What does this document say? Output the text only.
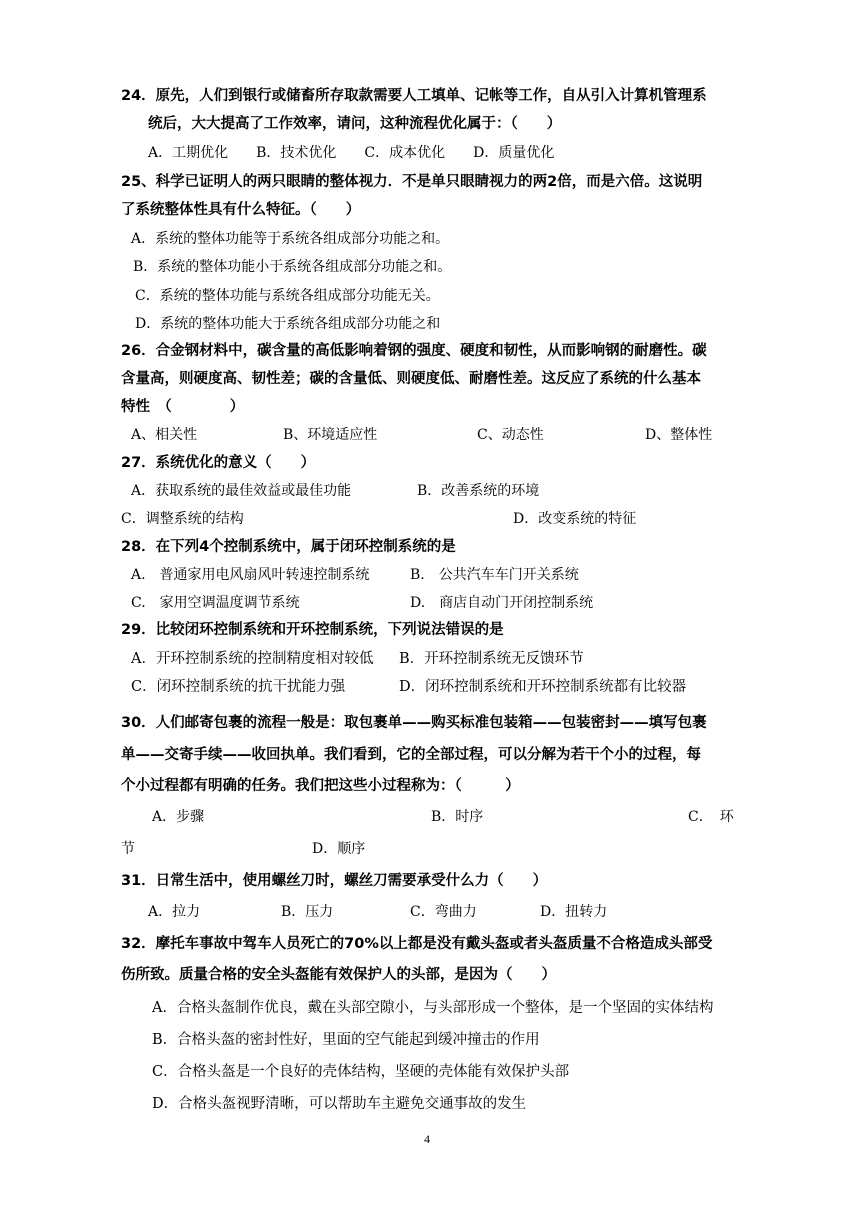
24．原先，人们到银行或储畜所存取款需要人工填单、记帐等工作，自从引入计算机管理系
统后，大大提高了工作效率，请问，这种流程优化属于：（　　）
A．工期优化　　B．技术优化　　C．成本优化　　D．质量优化
25、科学已证明人的两只眼睛的整体视力．不是单只眼睛视力的两2倍，而是六倍。这说明
了系统整体性具有什么特征。（　　）
A．系统的整体功能等于系统各组成部分功能之和。
B．系统的整体功能小于系统各组成部分功能之和。
C．系统的整体功能与系统各组成部分功能无关。
D．系统的整体功能大于系统各组成部分功能之和
26．合金钢材料中，碳含量的高低影响着钢的强度、硬度和韧性，从而影响钢的耐磨性。碳
含量高，则硬度高、韧性差；碳的含量低、则硬度低、耐磨性差。这反应了系统的什么基本
特性　（　　　　）
A、相关性	B、环境适应性	C、动态性	D、整体性
27．系统优化的意义（　　）
A．获取系统的最佳效益或最佳功能	B．改善系统的环境
C．调整系统的结构	D．改变系统的特征
28．在下列4个控制系统中，属于闭环控制系统的是
A.　普通家用电风扇风叶转速控制系统	B.　公共汽车车门开关系统
C.　家用空调温度调节系统	D.　商店自动门开闭控制系统
29．比较闭环控制系统和开环控制系统，下列说法错误的是
A．开环控制系统的控制精度相对较低 B．开环控制系统无反馈环节
C．闭环控制系统的抗干扰能力强	D．闭环控制系统和开环控制系统都有比较器
30．人们邮寄包裹的流程一般是：取包裹单——购买标准包装箱——包装密封——填写包裹
单——交寄手续——收回执单。我们看到，它的全部过程，可以分解为若干个小的过程，每
个小过程都有明确的任务。我们把这些小过程称为：（　　　）
A．步骤	B．时序	C．　环
节	D．顺序
31．日常生活中，使用螺丝刀时，螺丝刀需要承受什么力（　　）
A．拉力	B．压力	C．弯曲力	D．扭转力
32．摩托车事故中驾车人员死亡的70%以上都是没有戴头盔或者头盔质量不合格造成头部受
伤所致。质量合格的安全头盔能有效保护人的头部，是因为（　　）
A．合格头盔制作优良，戴在头部空隙小，与头部形成一个整体，是一个坚固的实体结构
B．合格头盔的密封性好，里面的空气能起到缓冲撞击的作用
C．合格头盔是一个良好的壳体结构，坚硬的壳体能有效保护头部
D．合格头盔视野清晰，可以帮助车主避免交通事故的发生
4
